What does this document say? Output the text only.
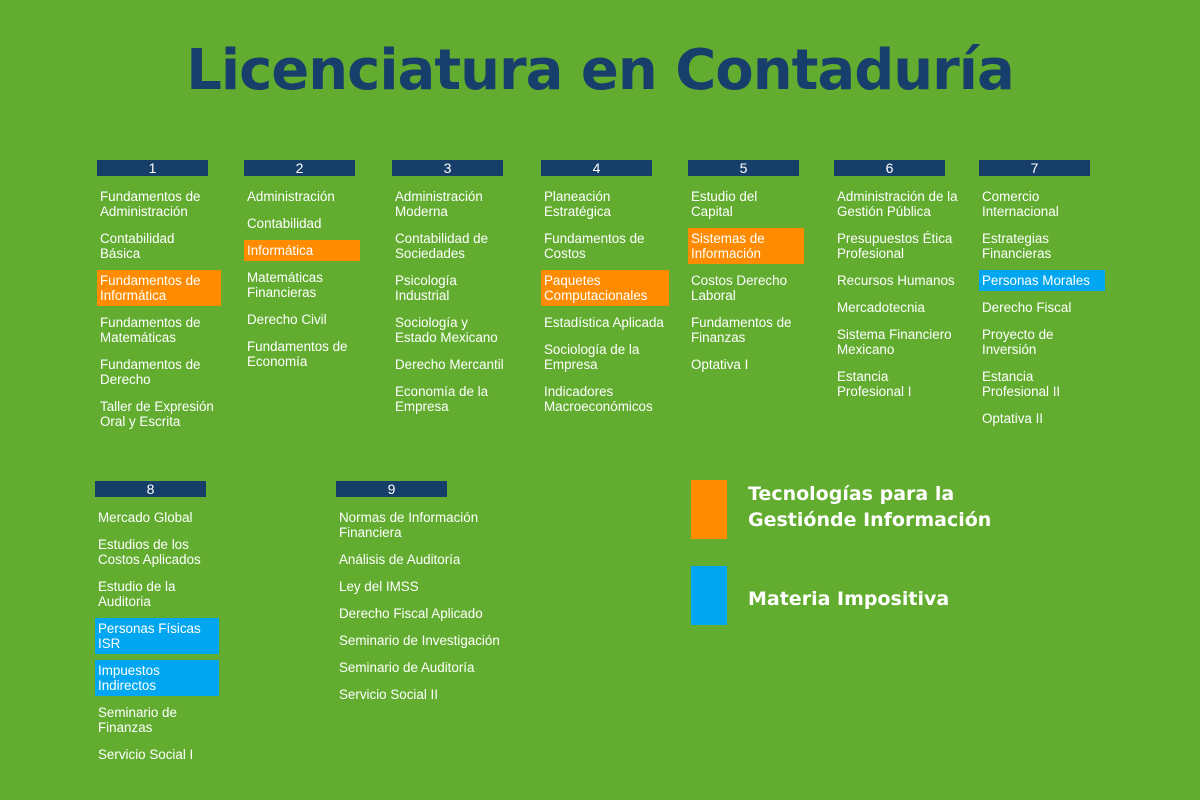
Licenciatura en Contaduría
1
Fundamentos de Administración
Contabilidad Básica
Fundamentos de Informática
Fundamentos de Matemáticas
Fundamentos de Derecho
Taller de Expresión Oral y Escrita
2
Administración
Contabilidad
Informática
Matemáticas Financieras
Derecho Civil
Fundamentos de Economía
3
Administración Moderna
Contabilidad de Sociedades
Psicología Industrial
Sociología y Estado Mexicano
Derecho Mercantil
Economía de la Empresa
4
Planeación Estratégica
Fundamentos de Costos
Paquetes Computacionales
Estadística Aplicada
Sociología de la Empresa
Indicadores Macroeconómicos
5
Estudio del Capital
Sistemas de Información
Costos Derecho Laboral
Fundamentos de Finanzas
Optativa I
6
Administración de la Gestión Pública
Presupuestos Ética Profesional
Recursos Humanos
Mercadotecnia
Sistema Financiero Mexicano
Estancia Profesional I
7
Comercio Internacional
Estrategias Financieras
Personas Morales
Derecho Fiscal
Proyecto de Inversión
Estancia Profesional II
Optativa II
8
Mercado Global
Estudios de los Costos Aplicados
Estudio de la Auditoria
Personas Físicas ISR
Impuestos Indirectos
Seminario de Finanzas
Servicio Social I
9
Normas de Información Financiera
Análisis de Auditoría
Ley del IMSS
Derecho Fiscal Aplicado
Seminario de Investigación
Seminario de Auditoría
Servicio Social II
Tecnologías para la Gestiónde Información
Materia Impositiva
